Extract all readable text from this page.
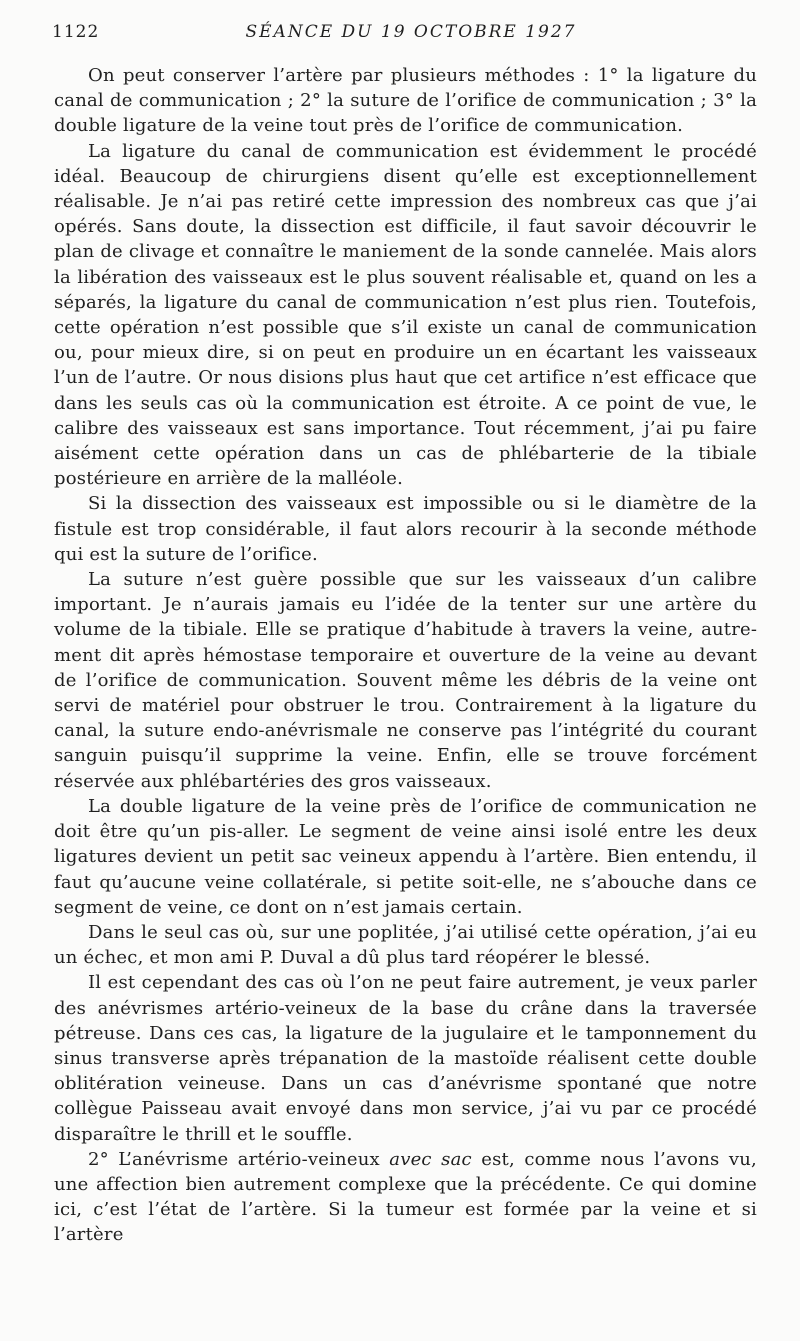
1122	SÉANCE DU 19 OCTOBRE 1927

On peut conserver l’artère par plusieurs méthodes : 1° la ligature du canal de communication ; 2° la suture de l’orifice de communication ; 3° la double ligature de la veine tout près de l’orifice de communication.

La ligature du canal de communication est évidemment le procédé idéal. Beaucoup de chirurgiens disent qu’elle est exceptionnellement réalisable. Je n’ai pas retiré cette impression des nombreux cas que j’ai opérés. Sans doute, la dissection est difficile, il faut savoir découvrir le plan de clivage et connaître le maniement de la sonde cannelée. Mais alors la libération des vaisseaux est le plus souvent réalisable et, quand on les a séparés, la ligature du canal de communication n’est plus rien. Toutefois, cette opération n’est possible que s’il existe un canal de communication ou, pour mieux dire, si on peut en produire un en écartant les vaisseaux l’un de l’autre. Or nous disions plus haut que cet artifice n’est efficace que dans les seuls cas où la communication est étroite. A ce point de vue, le calibre des vaisseaux est sans importance. Tout récemment, j’ai pu faire aisément cette opération dans un cas de phlébarterie de la tibiale postérieure en arrière de la malléole.

Si la dissection des vaisseaux est impossible ou si le diamètre de la fistule est trop considérable, il faut alors recourir à la seconde méthode qui est la suture de l’orifice.

La suture n’est guère possible que sur les vaisseaux d’un calibre important. Je n’aurais jamais eu l’idée de la tenter sur une artère du volume de la tibiale. Elle se pratique d’habitude à travers la veine, autrement dit après hémostase temporaire et ouverture de la veine au devant de l’orifice de communication. Souvent même les débris de la veine ont servi de matériel pour obstruer le trou. Contrairement à la ligature du canal, la suture endo-anévrismale ne conserve pas l’intégrité du courant sanguin puisqu’il supprime la veine. Enfin, elle se trouve forcément réservée aux phlébartéries des gros vaisseaux.

La double ligature de la veine près de l’orifice de communication ne doit être qu’un pis-aller. Le segment de veine ainsi isolé entre les deux ligatures devient un petit sac veineux appendu à l’artère. Bien entendu, il faut qu’aucune veine collatérale, si petite soit-elle, ne s’abouche dans ce segment de veine, ce dont on n’est jamais certain.

Dans le seul cas où, sur une poplitée, j’ai utilisé cette opération, j’ai eu un échec, et mon ami P. Duval a dû plus tard réopérer le blessé.

Il est cependant des cas où l’on ne peut faire autrement, je veux parler des anévrismes artério-veineux de la base du crâne dans la traversée pétreuse. Dans ces cas, la ligature de la jugulaire et le tamponnement du sinus transverse après trépanation de la mastoïde réalisent cette double oblitération veineuse. Dans un cas d’anévrisme spontané que notre collègue Paisseau avait envoyé dans mon service, j’ai vu par ce procédé disparaître le thrill et le souffle.

2° L’anévrisme artério-veineux avec sac est, comme nous l’avons vu, une affection bien autrement complexe que la précédente. Ce qui domine ici, c’est l’état de l’artère. Si la tumeur est formée par la veine et si l’artère
